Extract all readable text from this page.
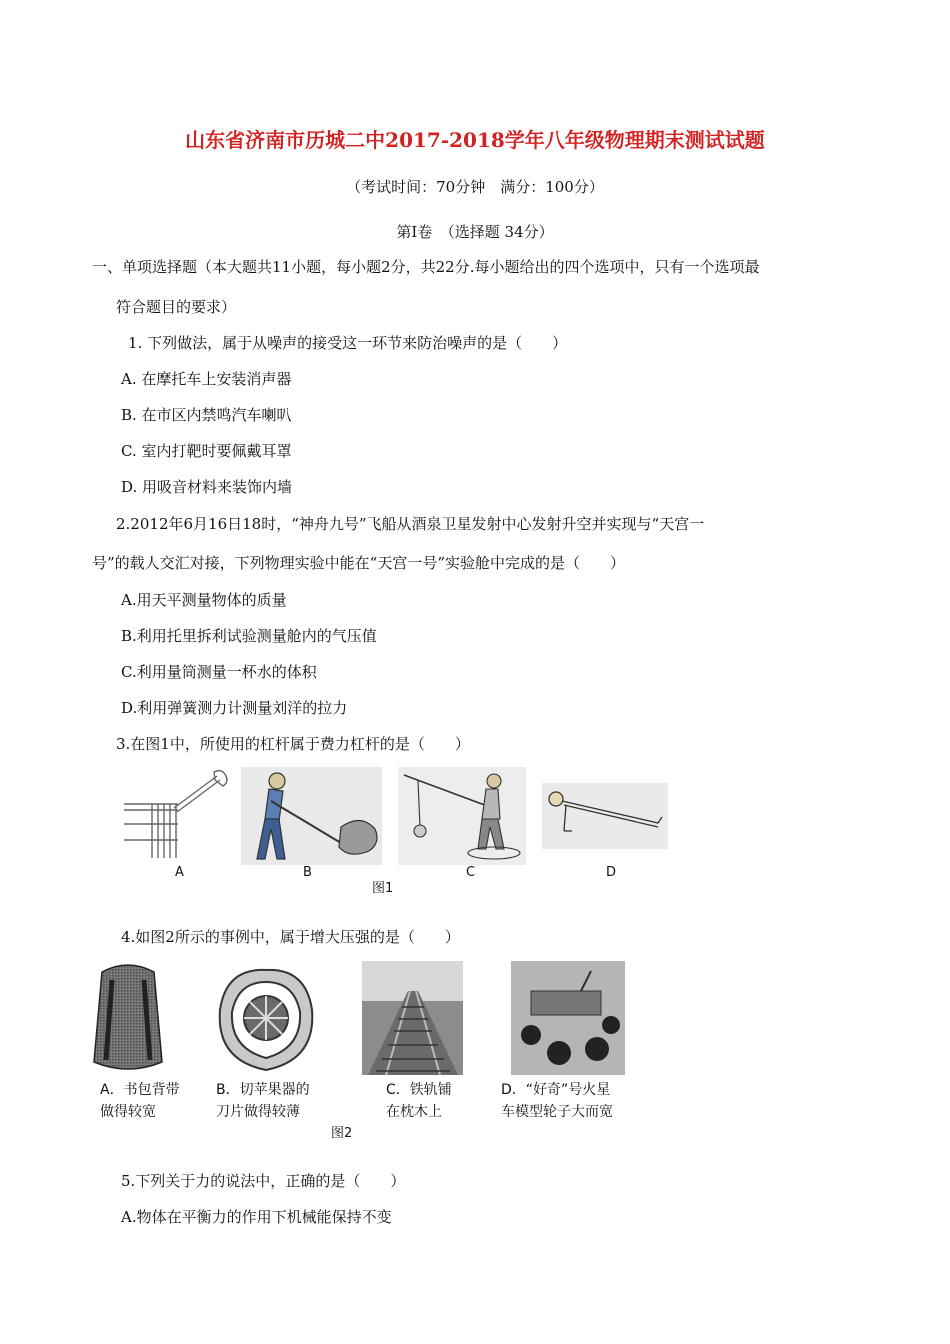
山东省济南市历城二中2017-2018学年八年级物理期末测试试题
（考试时间：70分钟　满分：100分）
第Ⅰ卷　（选择题 34分）
一、单项选择题（本大题共11小题，每小题2分，共22分.每小题给出的四个选项中，只有一个选项最
符合题目的要求）
1. 下列做法，属于从噪声的接受这一环节来防治噪声的是（　　）
A. 在摩托车上安装消声器
B. 在市区内禁鸣汽车喇叭
C. 室内打靶时要佩戴耳罩
D. 用吸音材料来装饰内墙
2.2012年6月16日18时，“神舟九号”飞船从酒泉卫星发射中心发射升空并实现与“天宫一
号”的载人交汇对接，下列物理实验中能在“天宫一号”实验舱中完成的是（　　）
A.用天平测量物体的质量
B.利用托里拆利试验测量舱内的气压值
C.利用量筒测量一杯水的体积
D.利用弹簧测力计测量刘洋的拉力
3.在图1中，所使用的杠杆属于费力杠杆的是（　　）
A	B	C	D
图1
4.如图2所示的事例中，属于增大压强的是（　　）
A．书包背带
做得较宽
B．切苹果器的
刀片做得较薄
C．铁轨铺
在枕木上
D．“好奇”号火星
车模型轮子大而宽
图2
5.下列关于力的说法中，正确的是（　　）
A.物体在平衡力的作用下机械能保持不变
